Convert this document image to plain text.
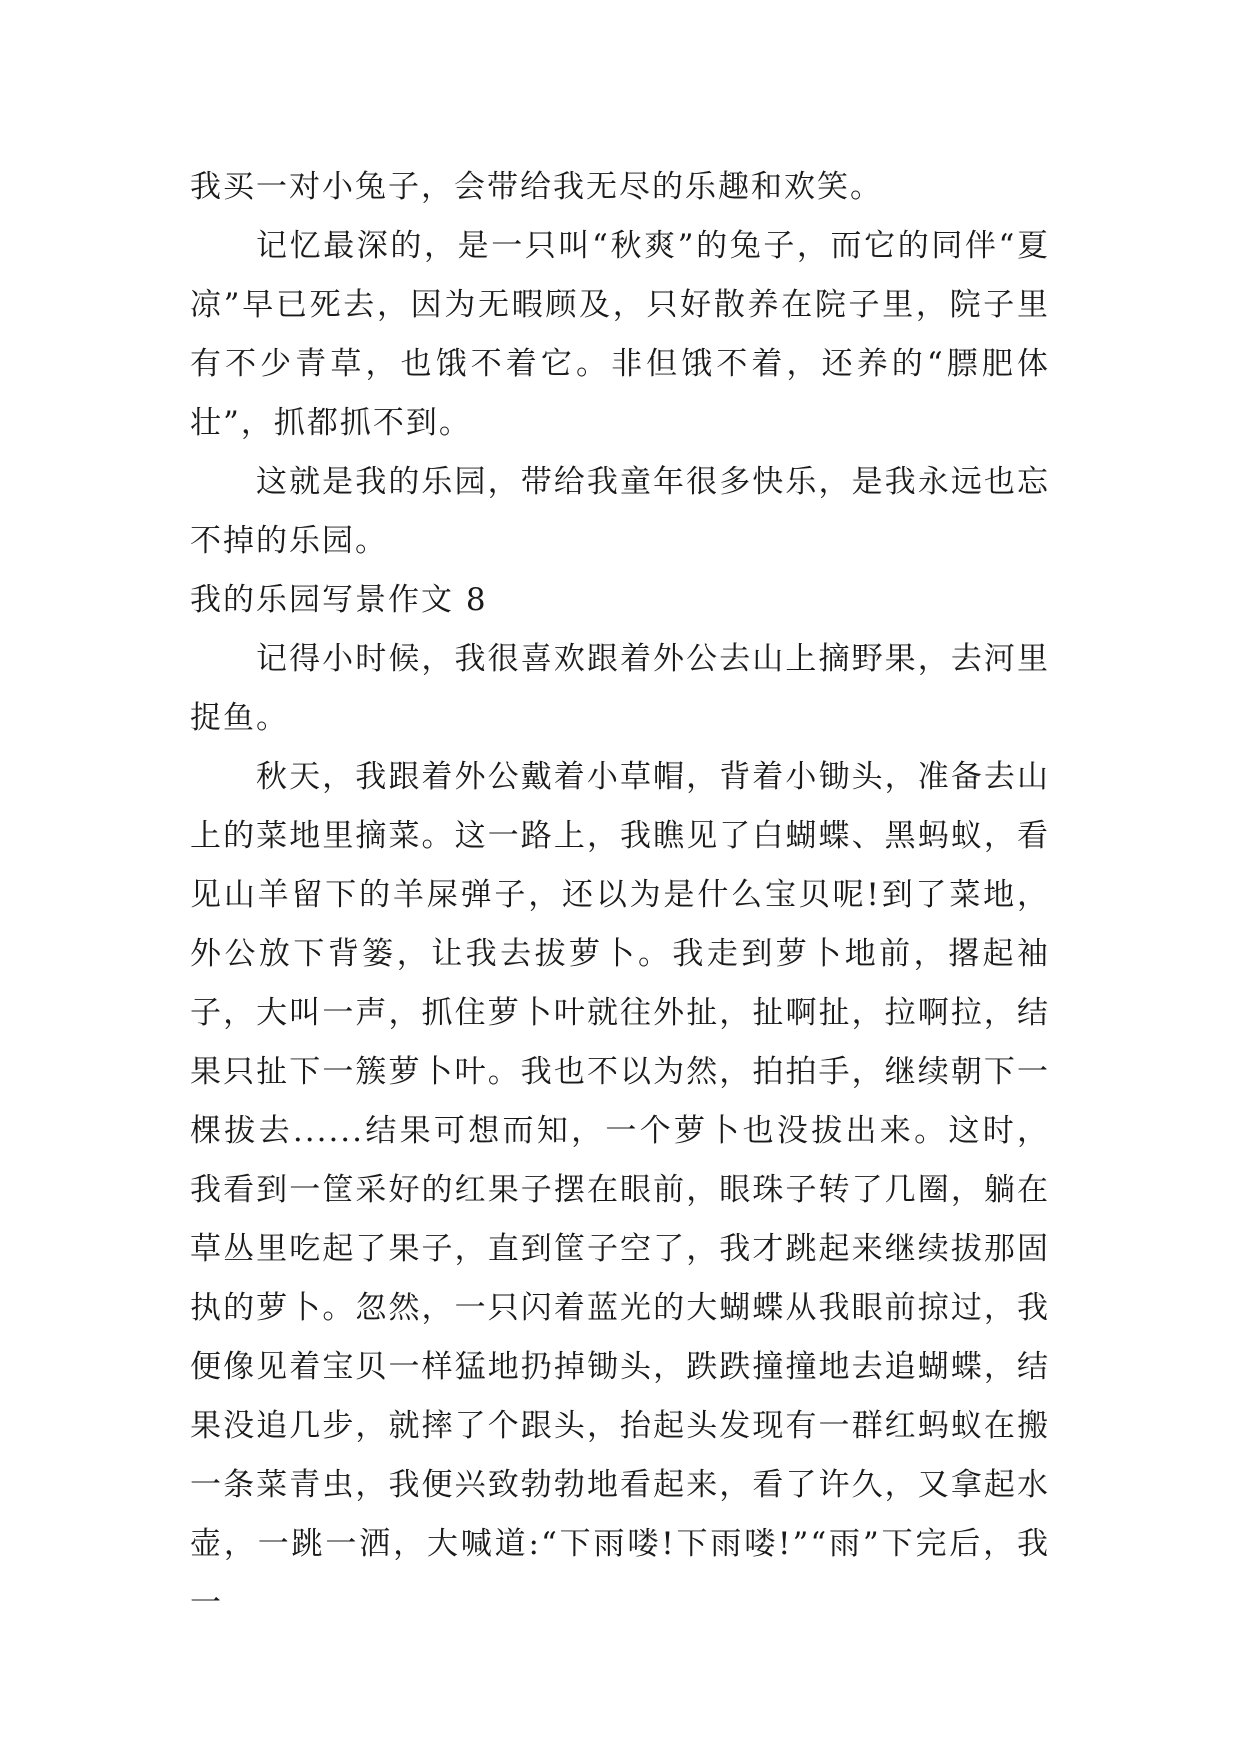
我买一对小兔子，会带给我无尽的乐趣和欢笑。

记忆最深的，是一只叫“秋爽”的兔子，而它的同伴“夏凉”早已死去，因为无暇顾及，只好散养在院子里，院子里有不少青草，也饿不着它。非但饿不着，还养的“膘肥体壮”，抓都抓不到。

这就是我的乐园，带给我童年很多快乐，是我永远也忘不掉的乐园。

我的乐园写景作文 8

记得小时候，我很喜欢跟着外公去山上摘野果，去河里捉鱼。

秋天，我跟着外公戴着小草帽，背着小锄头，准备去山上的菜地里摘菜。这一路上，我瞧见了白蝴蝶、黑蚂蚁，看见山羊留下的羊屎弹子，还以为是什么宝贝呢!到了菜地，外公放下背篓，让我去拔萝卜。我走到萝卜地前，撂起袖子，大叫一声，抓住萝卜叶就往外扯，扯啊扯，拉啊拉，结果只扯下一簇萝卜叶。我也不以为然，拍拍手，继续朝下一棵拔去......结果可想而知，一个萝卜也没拔出来。这时，我看到一筐采好的红果子摆在眼前，眼珠子转了几圈，躺在草丛里吃起了果子，直到筐子空了，我才跳起来继续拔那固执的萝卜。忽然，一只闪着蓝光的大蝴蝶从我眼前掠过，我便像见着宝贝一样猛地扔掉锄头，跌跌撞撞地去追蝴蝶，结果没追几步，就摔了个跟头，抬起头发现有一群红蚂蚁在搬一条菜青虫，我便兴致勃勃地看起来，看了许久，又拿起水壶，一跳一洒，大喊道:“下雨喽!下雨喽!”“雨”下完后，我一
